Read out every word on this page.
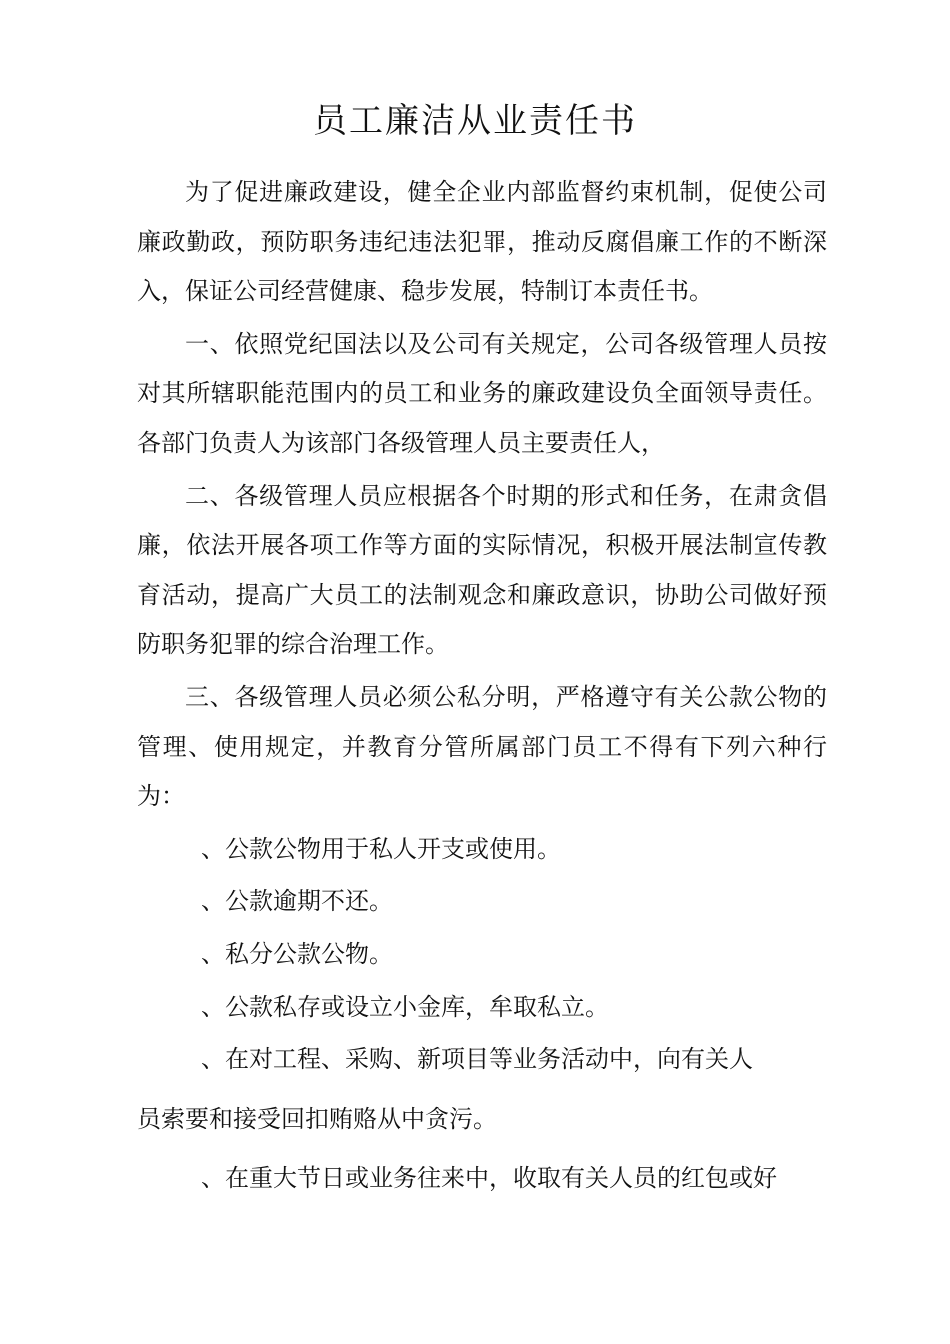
员工廉洁从业责任书

为了促进廉政建设，健全企业内部监督约束机制，促使公司廉政勤政，预防职务违纪违法犯罪，推动反腐倡廉工作的不断深入，保证公司经营健康、稳步发展，特制订本责任书。

一、依照党纪国法以及公司有关规定，公司各级管理人员按对其所辖职能范围内的员工和业务的廉政建设负全面领导责任。各部门负责人为该部门各级管理人员主要责任人，

二、各级管理人员应根据各个时期的形式和任务，在肃贪倡廉，依法开展各项工作等方面的实际情况，积极开展法制宣传教育活动，提高广大员工的法制观念和廉政意识，协助公司做好预防职务犯罪的综合治理工作。

三、各级管理人员必须公私分明，严格遵守有关公款公物的管理、使用规定，并教育分管所属部门员工不得有下列六种行为：

、公款公物用于私人开支或使用。

、公款逾期不还。

、私分公款公物。

、公款私存或设立小金库，牟取私立。

、在对工程、采购、新项目等业务活动中，向有关人

员索要和接受回扣贿赂从中贪污。

、在重大节日或业务往来中，收取有关人员的红包或好
